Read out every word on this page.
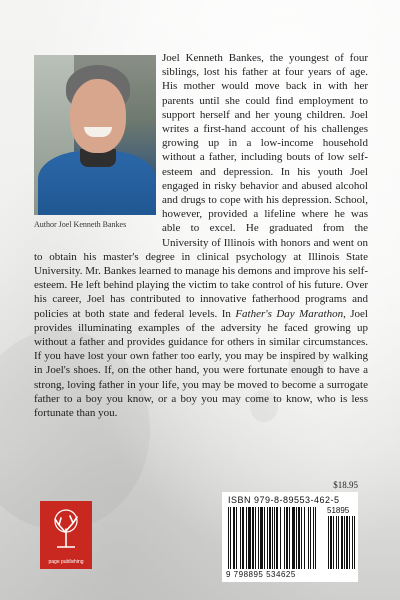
Author Joel Kenneth Bankes

Joel Kenneth Bankes, the youngest of four siblings, lost his father at four years of age. His mother would move back in with her parents until she could find employment to support herself and her young children. Joel writes a first-hand account of his challenges growing up in a low-income household without a father, including bouts of low self-esteem and depression. In his youth Joel engaged in risky behavior and abused alcohol and drugs to cope with his depression. School, however, provided a lifeline where he was able to excel. He graduated from the University of Illinois with honors and went on to obtain his master's degree in clinical psychology at Illinois State University. Mr. Bankes learned to manage his demons and improve his self-esteem. He left behind playing the victim to take control of his future. Over his career, Joel has contributed to innovative fatherhood programs and policies at both state and federal levels. In Father's Day Marathon, Joel provides illuminating examples of the adversity he faced growing up without a father and provides guidance for others in similar circumstances. If you have lost your own father too early, you may be inspired by walking in Joel's shoes. If, on the other hand, you were fortunate enough to have a strong, loving father in your life, you may be moved to become a surrogate father to a boy you know, or a boy you may come to know, who is less fortunate than you.

$18.95
ISBN 979-8-89553-462-5
51895
9 798895 534625
page publishing
